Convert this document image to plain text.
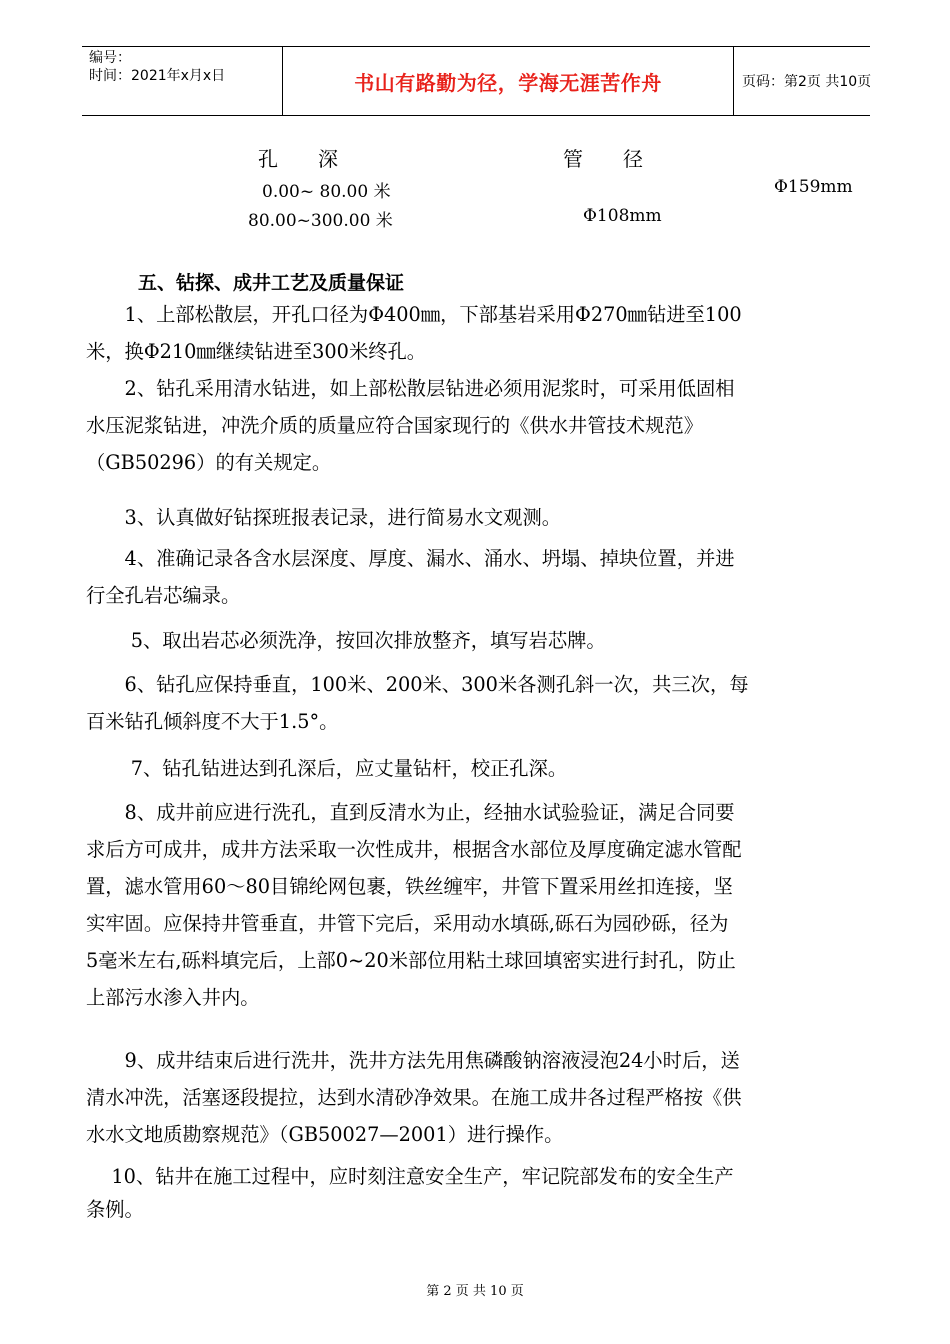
编号：
时间：2021年x月x日	书山有路勤为径，学海无涯苦作舟	页码：第2页 共10页
孔　　深	管　　径
0.00~ 80.00 米	Φ159mm
80.00~300.00 米	Φ108mm
五、钻探、成井工艺及质量保证
　　1、上部松散层，开孔口径为Φ400㎜，下部基岩采用Φ270㎜钻进至100
米，换Φ210㎜继续钻进至300米终孔。
　　2、钻孔采用清水钻进，如上部松散层钻进必须用泥浆时，可采用低固相
水压泥浆钻进，冲洗介质的质量应符合国家现行的《供水井管技术规范》
（GB50296）的有关规定。
　　3、认真做好钻探班报表记录，进行简易水文观测。
　　4、准确记录各含水层深度、厚度、漏水、涌水、坍塌、掉块位置，并进
行全孔岩芯编录。
　　 5、取出岩芯必须洗净，按回次排放整齐，填写岩芯牌。
　　6、钻孔应保持垂直，100米、200米、300米各测孔斜一次，共三次，每
百米钻孔倾斜度不大于1.5°。
　　 7、钻孔钻进达到孔深后，应丈量钻杆，校正孔深。
　　8、成井前应进行洗孔，直到反清水为止，经抽水试验验证，满足合同要
求后方可成井，成井方法采取一次性成井，根据含水部位及厚度确定滤水管配
置，滤水管用60～80目锦纶网包裹，铁丝缠牢，井管下置采用丝扣连接，坚
实牢固。应保持井管垂直，井管下完后，采用动水填砾,砾石为园砂砾，径为
5毫米左右,砾料填完后，上部0~20米部位用粘土球回填密实进行封孔，防止
上部污水渗入井内。
　　9、成井结束后进行洗井，洗井方法先用焦磷酸钠溶液浸泡24小时后，送
清水冲洗，活塞逐段提拉，达到水清砂净效果。在施工成井各过程严格按《供
水水文地质勘察规范》（GB50027—2001）进行操作。
　 10、钻井在施工过程中，应时刻注意安全生产，牢记院部发布的安全生产
条例。
第 2 页 共 10 页
